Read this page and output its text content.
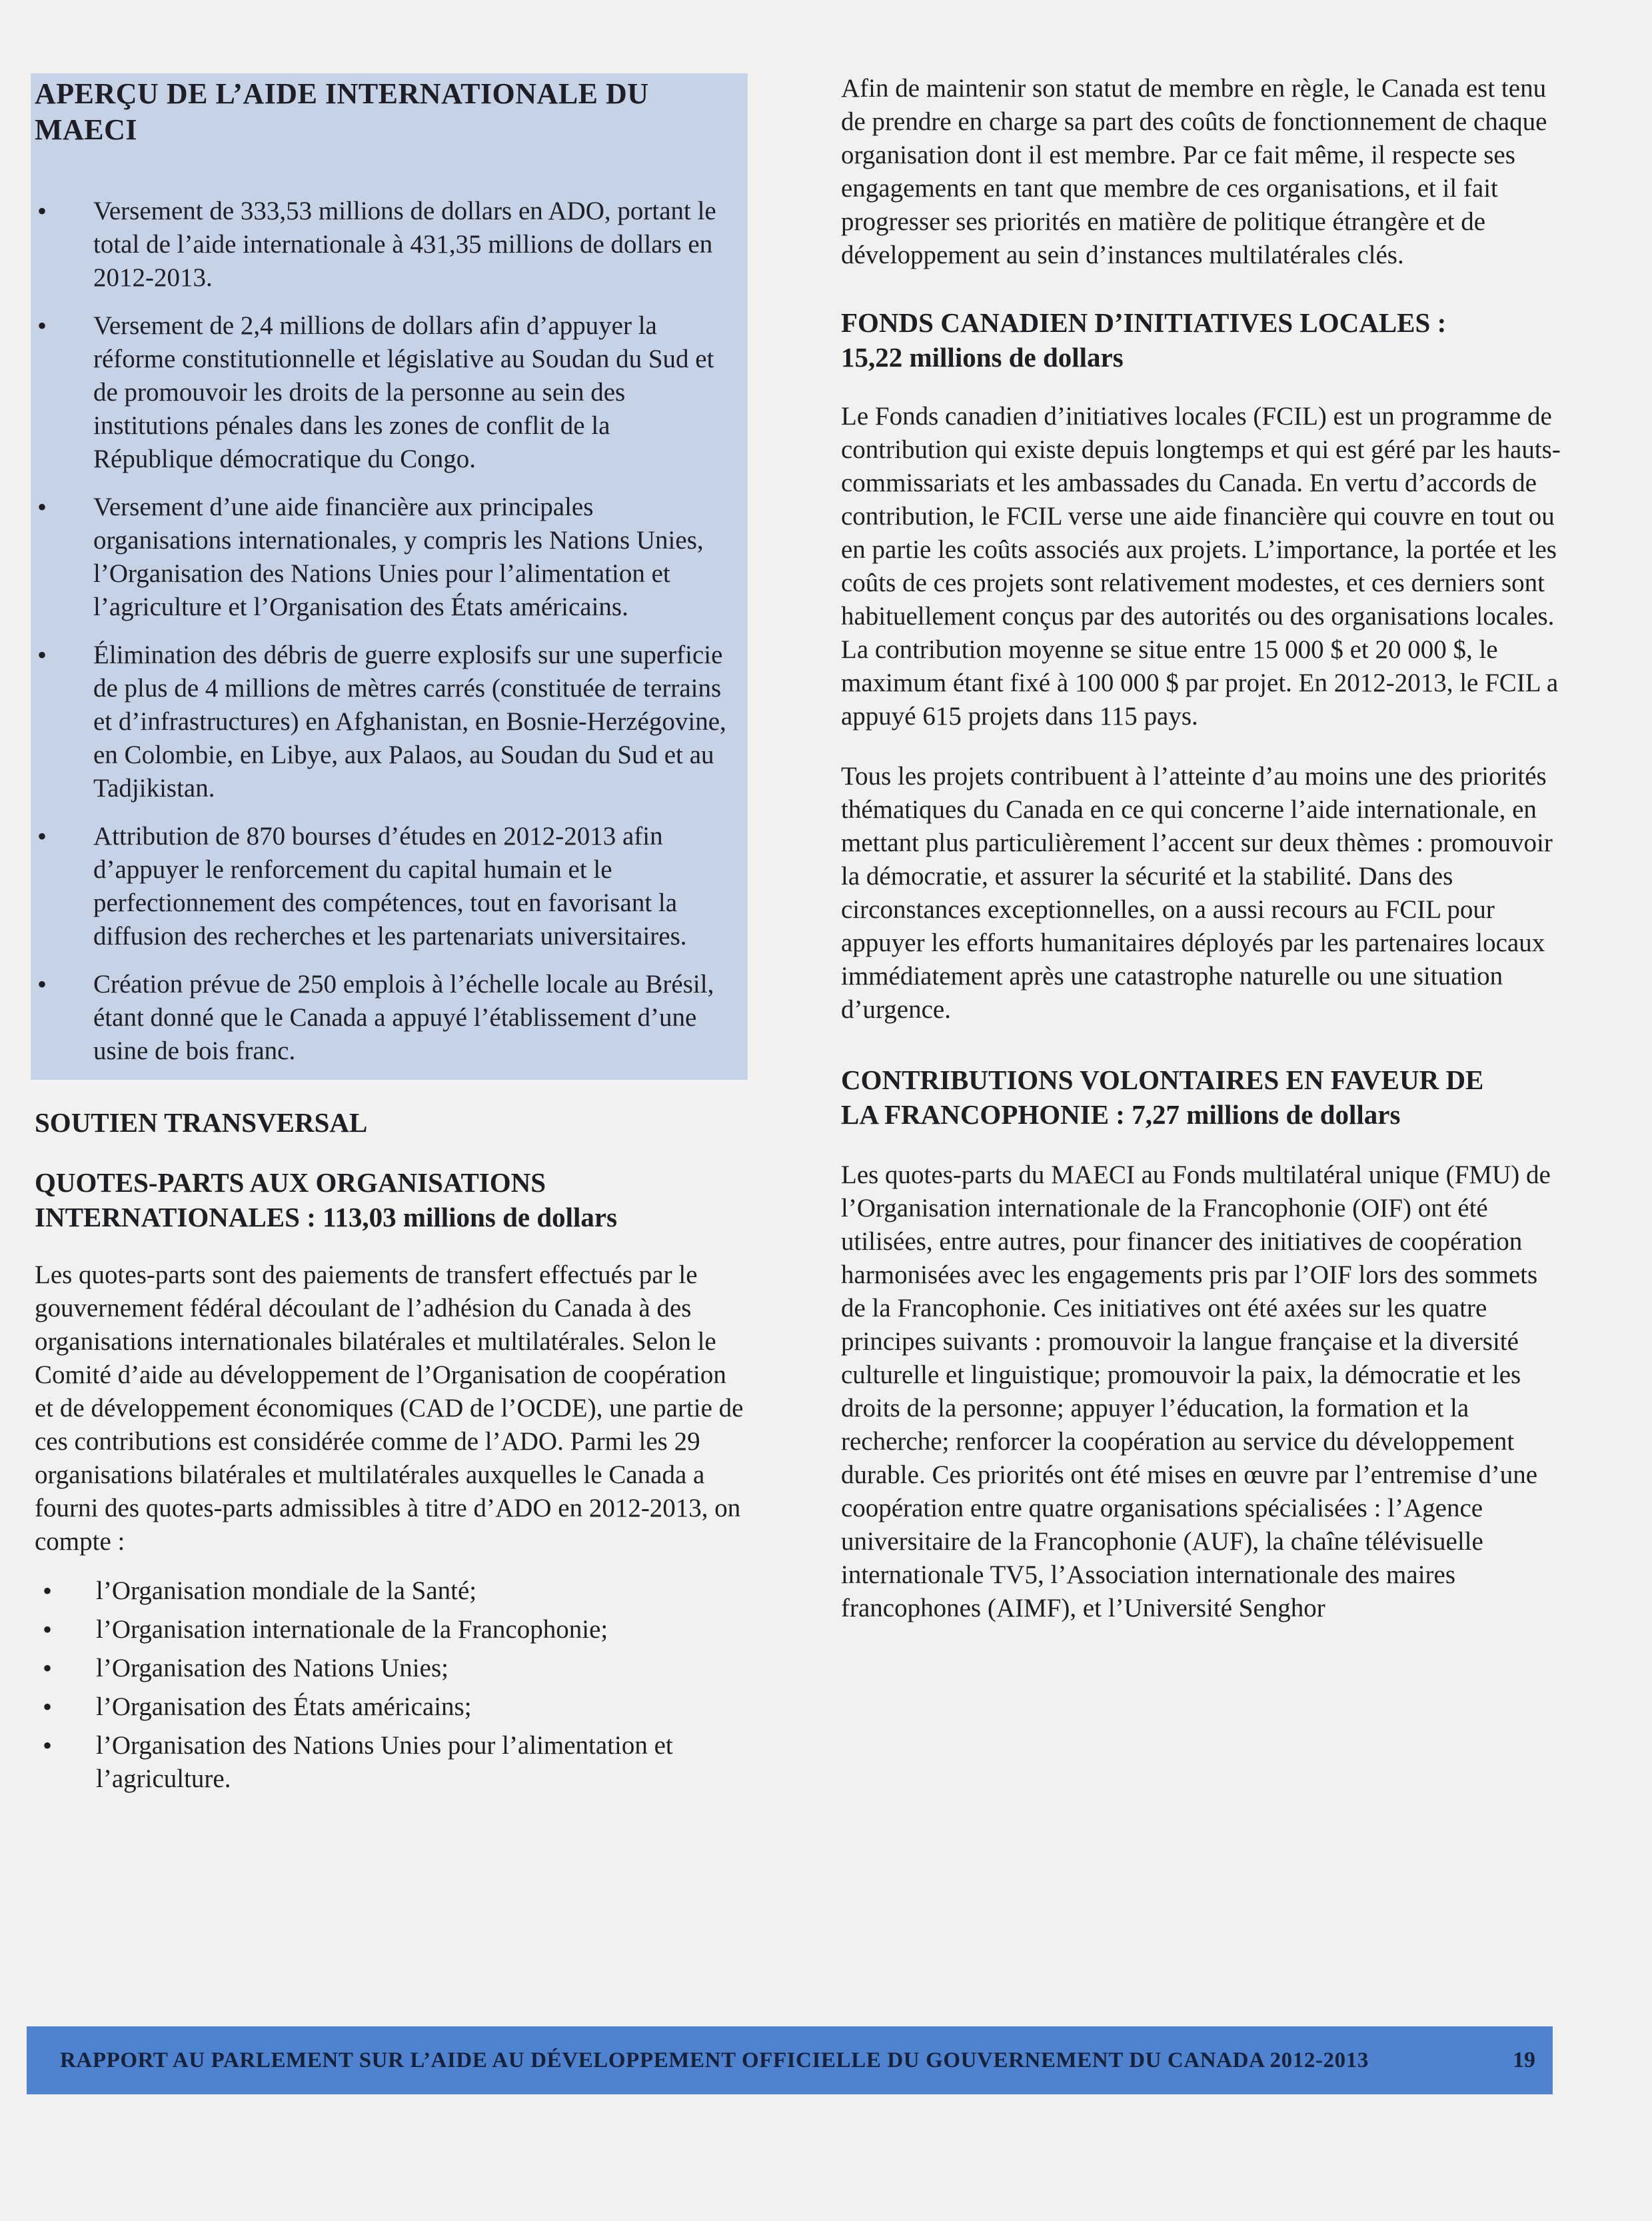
APERÇU DE L’AIDE INTERNATIONALE DU MAECI
• Versement de 333,53 millions de dollars en ADO, portant le total de l’aide internationale à 431,35 millions de dollars en 2012-2013.
• Versement de 2,4 millions de dollars afin d’appuyer la réforme constitutionnelle et législative au Soudan du Sud et de promouvoir les droits de la personne au sein des institutions pénales dans les zones de conflit de la République démocratique du Congo.
• Versement d’une aide financière aux principales organisations internationales, y compris les Nations Unies, l’Organisation des Nations Unies pour l’alimentation et l’agriculture et l’Organisation des États américains.
• Élimination des débris de guerre explosifs sur une superficie de plus de 4 millions de mètres carrés (constituée de terrains et d’infrastructures) en Afghanistan, en Bosnie-Herzégovine, en Colombie, en Libye, aux Palaos, au Soudan du Sud et au Tadjikistan.
• Attribution de 870 bourses d’études en 2012-2013 afin d’appuyer le renforcement du capital humain et le perfectionnement des compétences, tout en favorisant la diffusion des recherches et les partenariats universitaires.
• Création prévue de 250 emplois à l’échelle locale au Brésil, étant donné que le Canada a appuyé l’établissement d’une usine de bois franc.
SOUTIEN TRANSVERSAL
QUOTES-PARTS AUX ORGANISATIONS
INTERNATIONALES : 113,03 millions de dollars

Les quotes-parts sont des paiements de transfert effectués par le gouvernement fédéral découlant de l’adhésion du Canada à des organisations internationales bilatérales et multilatérales. Selon le Comité d’aide au développement de l’Organisation de coopération et de développement économiques (CAD de l’OCDE), une partie de ces contributions est considérée comme de l’ADO. Parmi les 29 organisations bilatérales et multilatérales auxquelles le Canada a fourni des quotes-parts admissibles à titre d’ADO en 2012-2013, on compte :

• l’Organisation mondiale de la Santé;
• l’Organisation internationale de la Francophonie;
• l’Organisation des Nations Unies;
• l’Organisation des États américains;
• l’Organisation des Nations Unies pour l’alimentation et l’agriculture.

Afin de maintenir son statut de membre en règle, le Canada est tenu de prendre en charge sa part des coûts de fonctionnement de chaque organisation dont il est membre. Par ce fait même, il respecte ses engagements en tant que membre de ces organisations, et il fait progresser ses priorités en matière de politique étrangère et de développement au sein d’instances multilatérales clés.

FONDS CANADIEN D’INITIATIVES LOCALES :
15,22 millions de dollars

Le Fonds canadien d’initiatives locales (FCIL) est un programme de contribution qui existe depuis longtemps et qui est géré par les hauts-commissariats et les ambassades du Canada. En vertu d’accords de contribution, le FCIL verse une aide financière qui couvre en tout ou en partie les coûts associés aux projets. L’importance, la portée et les coûts de ces projets sont relativement modestes, et ces derniers sont habituellement conçus par des autorités ou des organisations locales. La contribution moyenne se situe entre 15 000 $ et 20 000 $, le maximum étant fixé à 100 000 $ par projet. En 2012-2013, le FCIL a appuyé 615 projets dans 115 pays.

Tous les projets contribuent à l’atteinte d’au moins une des priorités thématiques du Canada en ce qui concerne l’aide internationale, en mettant plus particulièrement l’accent sur deux thèmes : promouvoir la démocratie, et assurer la sécurité et la stabilité. Dans des circonstances exceptionnelles, on a aussi recours au FCIL pour appuyer les efforts humanitaires déployés par les partenaires locaux immédiatement après une catastrophe naturelle ou une situation d’urgence.

CONTRIBUTIONS VOLONTAIRES EN FAVEUR DE
LA FRANCOPHONIE : 7,27 millions de dollars

Les quotes-parts du MAECI au Fonds multilatéral unique (FMU) de l’Organisation internationale de la Francophonie (OIF) ont été utilisées, entre autres, pour financer des initiatives de coopération harmonisées avec les engagements pris par l’OIF lors des sommets de la Francophonie. Ces initiatives ont été axées sur les quatre principes suivants : promouvoir la langue française et la diversité culturelle et linguistique; promouvoir la paix, la démocratie et les droits de la personne; appuyer l’éducation, la formation et la recherche; renforcer la coopération au service du développement durable. Ces priorités ont été mises en œuvre par l’entremise d’une coopération entre quatre organisations spécialisées : l’Agence universitaire de la Francophonie (AUF), la chaîne télévisuelle internationale TV5, l’Association internationale des maires francophones (AIMF), et l’Université Senghor

RAPPORT AU PARLEMENT SUR L’AIDE AU DÉVELOPPEMENT OFFICIELLE DU GOUVERNEMENT DU CANADA 2012-2013	19
